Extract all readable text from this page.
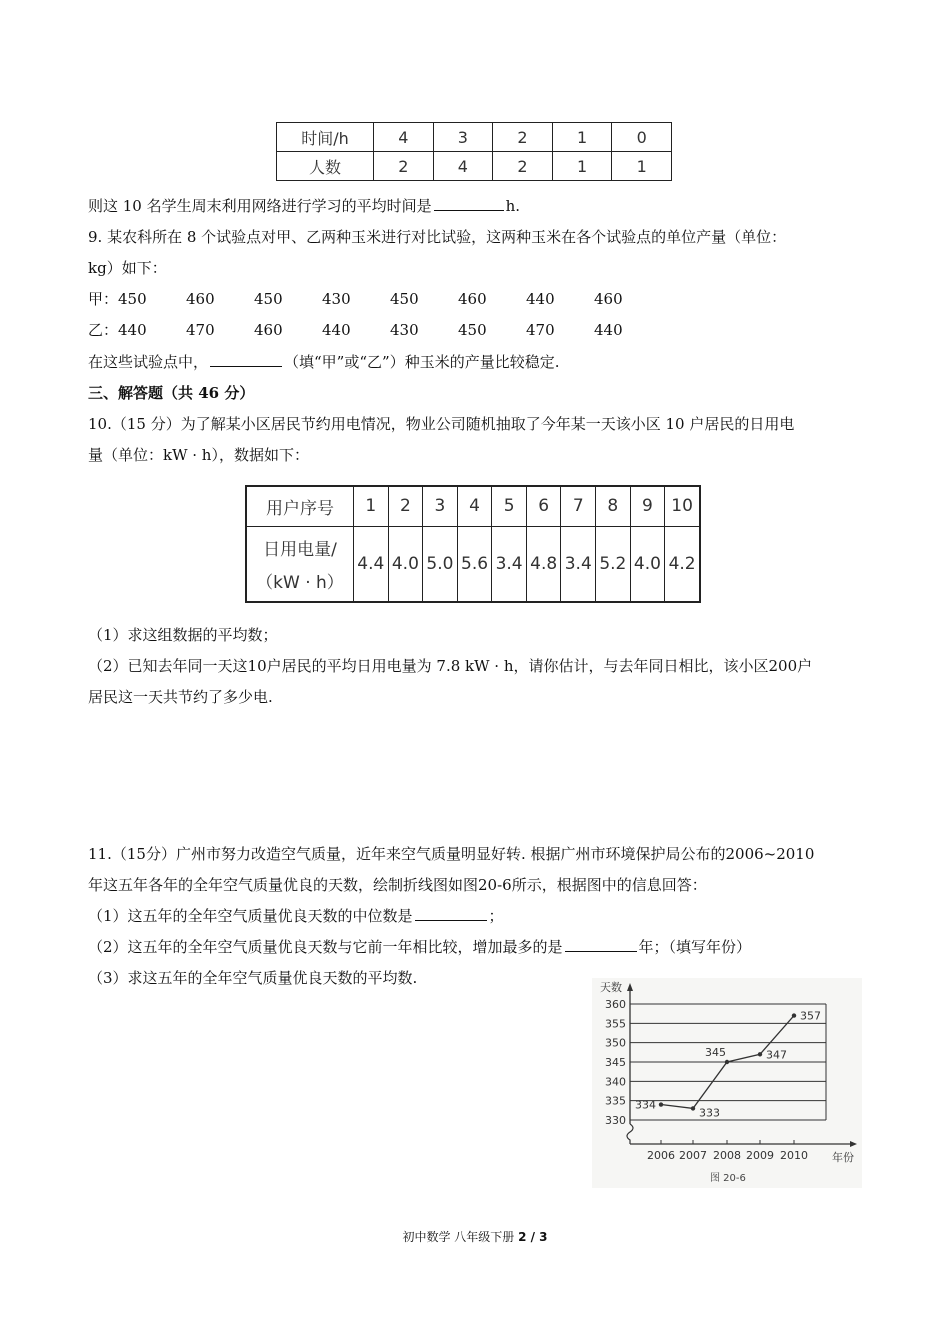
时间/h	4	3	2	1	0
人数	2	4	2	1	1
则这 10 名学生周末利用网络进行学习的平均时间是	h.
9. 某农科所在 8 个试验点对甲、乙两种玉米进行对比试验，这两种玉米在各个试验点的单位产量（单位：
kg）如下：
甲： 450	460	450	430	450	460	440	460
乙： 440	470	460	440	430	450	470	440
在这些试验点中，	（填“甲”或“乙”）种玉米的产量比较稳定.
三、解答题（共 46 分）
10.（15 分）为了解某小区居民节约用电情况，物业公司随机抽取了今年某一天该小区 10 户居民的日用电
量（单位：kW · h），数据如下：
用户序号	1	2	3	4	5	6	7	8	9	10

日用电量/
（kW · h）	4.4	4.0	5.0	5.6	3.4	4.8	3.4	5.2	4.0	4.2
（1）求这组数据的平均数；
（2）已知去年同一天这10户居民的平均日用电量为 7.8 kW · h，请你估计，与去年同日相比，该小区200户
居民这一天共节约了多少电.
11.（15分）广州市努力改造空气质量，近年来空气质量明显好转. 根据广州市环境保护局公布的2006~2010
年这五年各年的全年空气质量优良的天数，绘制折线图如图20-6所示，根据图中的信息回答：
（1）这五年的全年空气质量优良天数的中位数是	；
（2）这五年的全年空气质量优良天数与它前一年相比较，增加最多的是	年；（填写年份）
（3）求这五年的全年空气质量优良天数的平均数.
天数
330
335
340
345
350
355
360
2006 2007 2008 2009 2010
334
333
345	347
357
年份
图 20-6
初中数学 八年级下册 2 / 3
